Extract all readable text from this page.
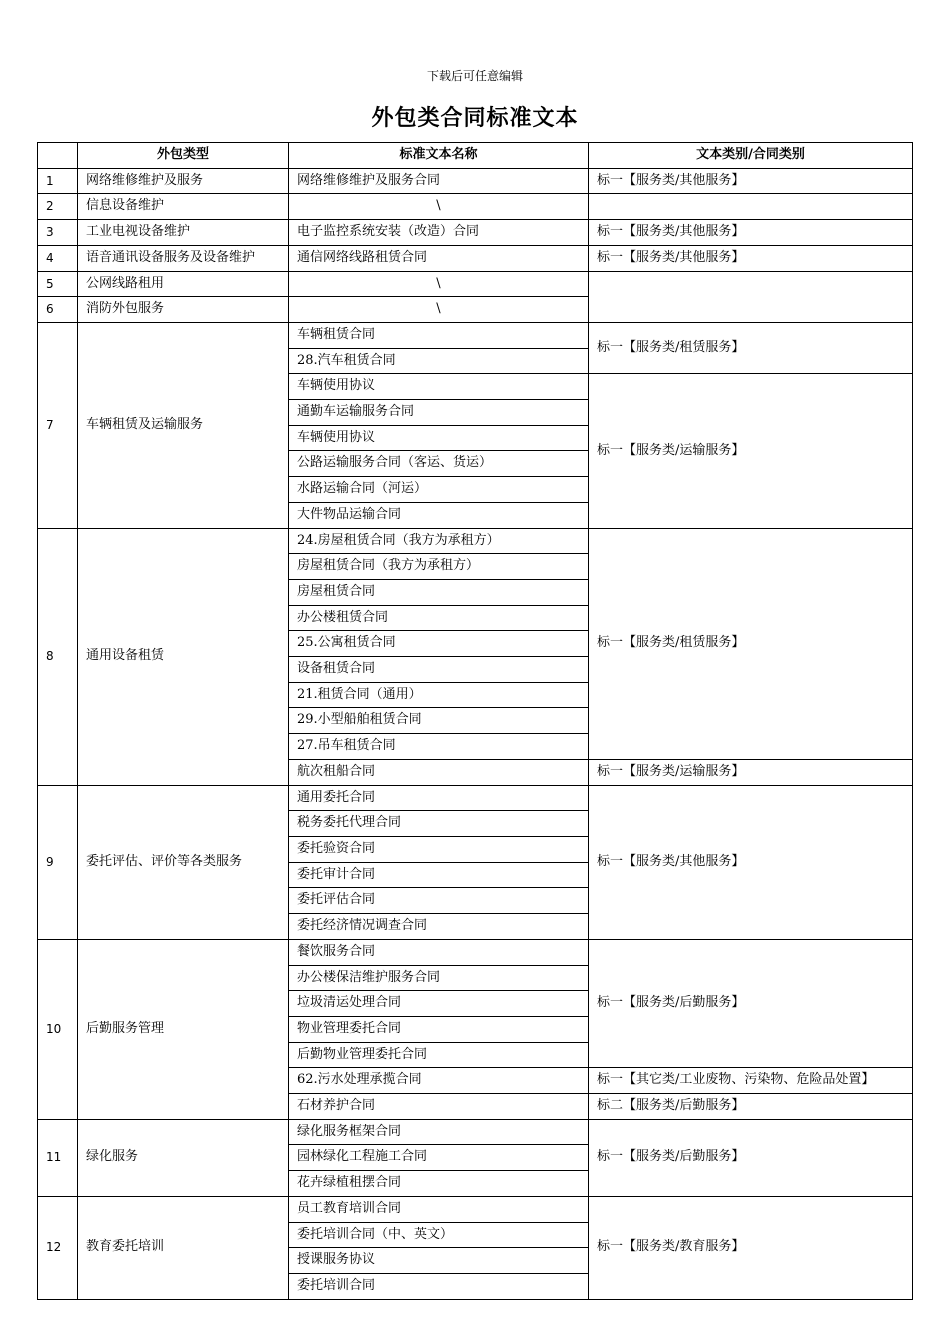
下载后可任意编辑
外包类合同标准文本
	外包类型	标准文本名称	文本类别/合同类别
1	网络维修维护及服务	网络维修维护及服务合同	标一【服务类/其他服务】
2	信息设备维护	\	
3	工业电视设备维护	电子监控系统安装（改造）合同	标一【服务类/其他服务】
4	语音通讯设备服务及设备维护	通信网络线路租赁合同	标一【服务类/其他服务】
5	公网线路租用	\	
6	消防外包服务	\	
7	车辆租赁及运输服务	车辆租赁合同	标一【服务类/租赁服务】
		28.汽车租赁合同	
		车辆使用协议	标一【服务类/运输服务】
		通勤车运输服务合同	
		车辆使用协议	
		公路运输服务合同（客运、货运）	
		水路运输合同（河运）	
		大件物品运输合同	
8	通用设备租赁	24.房屋租赁合同（我方为承租方）	标一【服务类/租赁服务】
		房屋租赁合同（我方为承租方）	
		房屋租赁合同	
		办公楼租赁合同	
		25.公寓租赁合同	
		设备租赁合同	
		21.租赁合同（通用）	
		29.小型船舶租赁合同	
		27.吊车租赁合同	
		航次租船合同	标一【服务类/运输服务】
9	委托评估、评价等各类服务	通用委托合同	标一【服务类/其他服务】
		税务委托代理合同	
		委托验资合同	
		委托审计合同	
		委托评估合同	
		委托经济情况调查合同	
10	后勤服务管理	餐饮服务合同	标一【服务类/后勤服务】
		办公楼保洁维护服务合同	
		垃圾清运处理合同	
		物业管理委托合同	
		后勤物业管理委托合同	
		62.污水处理承揽合同	标一【其它类/工业废物、污染物、危险品处置】
		石材养护合同	标二【服务类/后勤服务】
11	绿化服务	绿化服务框架合同	标一【服务类/后勤服务】
		园林绿化工程施工合同	
		花卉绿植租摆合同	
12	教育委托培训	员工教育培训合同	标一【服务类/教育服务】
		委托培训合同（中、英文）	
		授课服务协议	
		委托培训合同	
